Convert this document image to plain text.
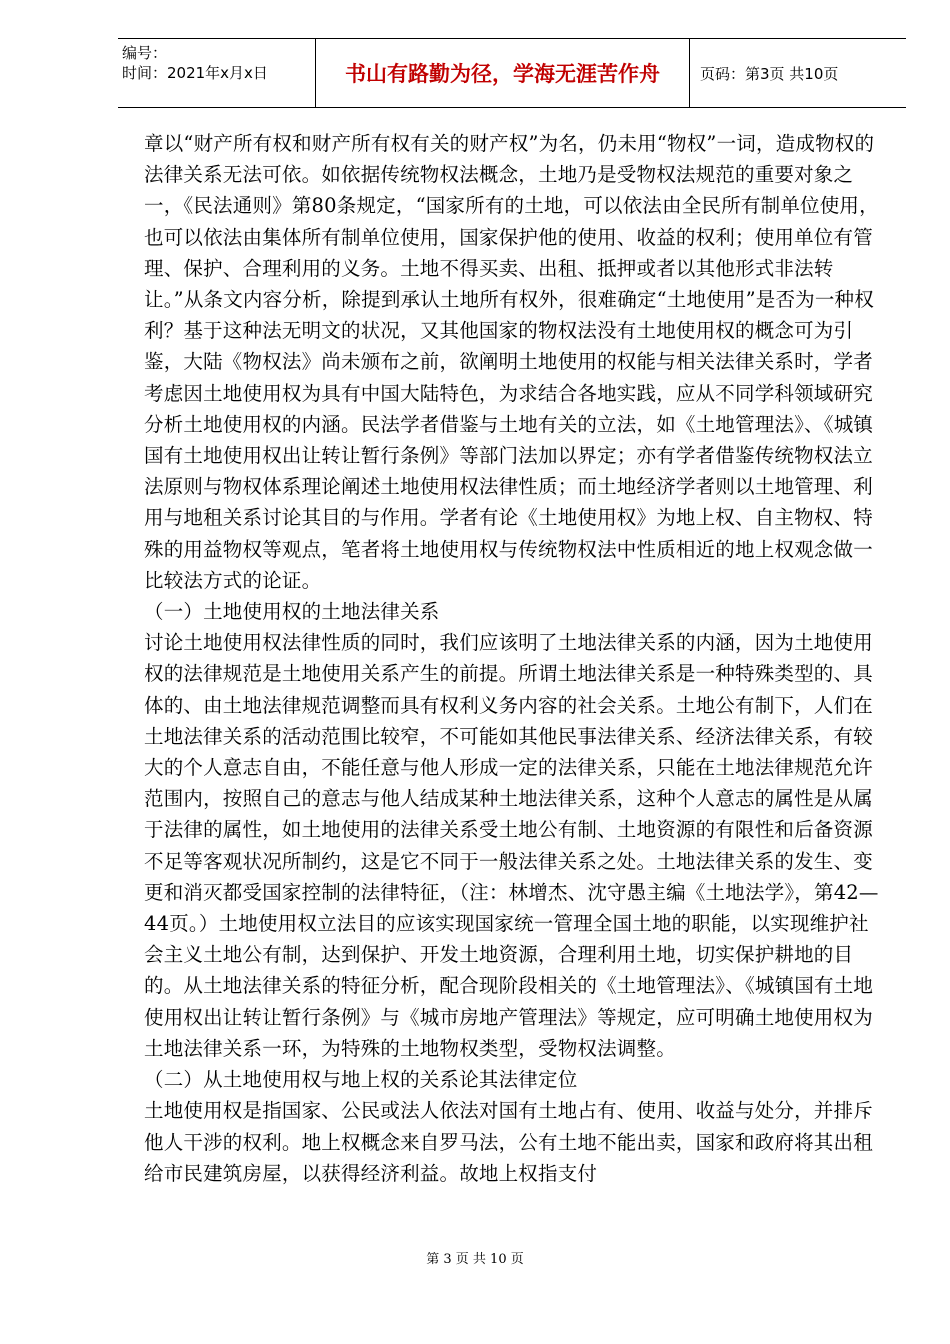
编号：
时间：2021年x月x日	书山有路勤为径，学海无涯苦作舟	页码：第3页 共10页

章以“财产所有权和财产所有权有关的财产权”为名，仍未用“物权”一词，造成物权的法律关系无法可依。如依据传统物权法概念，土地乃是受物权法规范的重要对象之一，《民法通则》第80条规定，“国家所有的土地，可以依法由全民所有制单位使用，也可以依法由集体所有制单位使用，国家保护他的使用、收益的权利；使用单位有管理、保护、合理利用的义务。土地不得买卖、出租、抵押或者以其他形式非法转让。”从条文内容分析，除提到承认土地所有权外，很难确定“土地使用”是否为一种权利？基于这种法无明文的状况，又其他国家的物权法没有土地使用权的概念可为引鉴，大陆《物权法》尚未颁布之前，欲阐明土地使用的权能与相关法律关系时，学者考虑因土地使用权为具有中国大陆特色，为求结合各地实践，应从不同学科领域研究分析土地使用权的内涵。民法学者借鉴与土地有关的立法，如《土地管理法》、《城镇国有土地使用权出让转让暂行条例》等部门法加以界定；亦有学者借鉴传统物权法立法原则与物权体系理论阐述土地使用权法律性质；而土地经济学者则以土地管理、利用与地租关系讨论其目的与作用。学者有论《土地使用权》为地上权、自主物权、特殊的用益物权等观点，笔者将土地使用权与传统物权法中性质相近的地上权观念做一比较法方式的论证。

（一）土地使用权的土地法律关系

讨论土地使用权法律性质的同时，我们应该明了土地法律关系的内涵，因为土地使用权的法律规范是土地使用关系产生的前提。所谓土地法律关系是一种特殊类型的、具体的、由土地法律规范调整而具有权利义务内容的社会关系。土地公有制下，人们在土地法律关系的活动范围比较窄，不可能如其他民事法律关系、经济法律关系，有较大的个人意志自由，不能任意与他人形成一定的法律关系，只能在土地法律规范允许范围内，按照自己的意志与他人结成某种土地法律关系，这种个人意志的属性是从属于法律的属性，如土地使用的法律关系受土地公有制、土地资源的有限性和后备资源不足等客观状况所制约，这是它不同于一般法律关系之处。土地法律关系的发生、变更和消灭都受国家控制的法律特征，（注：林增杰、沈守愚主编《土地法学》，第42—44页。）土地使用权立法目的应该实现国家统一管理全国土地的职能，以实现维护社会主义土地公有制，达到保护、开发土地资源，合理利用土地，切实保护耕地的目的。从土地法律关系的特征分析，配合现阶段相关的《土地管理法》、《城镇国有土地使用权出让转让暂行条例》与《城市房地产管理法》等规定，应可明确土地使用权为土地法律关系一环，为特殊的土地物权类型，受物权法调整。

（二）从土地使用权与地上权的关系论其法律定位

土地使用权是指国家、公民或法人依法对国有土地占有、使用、收益与处分，并排斥他人干涉的权利。地上权概念来自罗马法，公有土地不能出卖，国家和政府将其出租给市民建筑房屋，以获得经济利益。故地上权指支付

第 3 页 共 10 页
